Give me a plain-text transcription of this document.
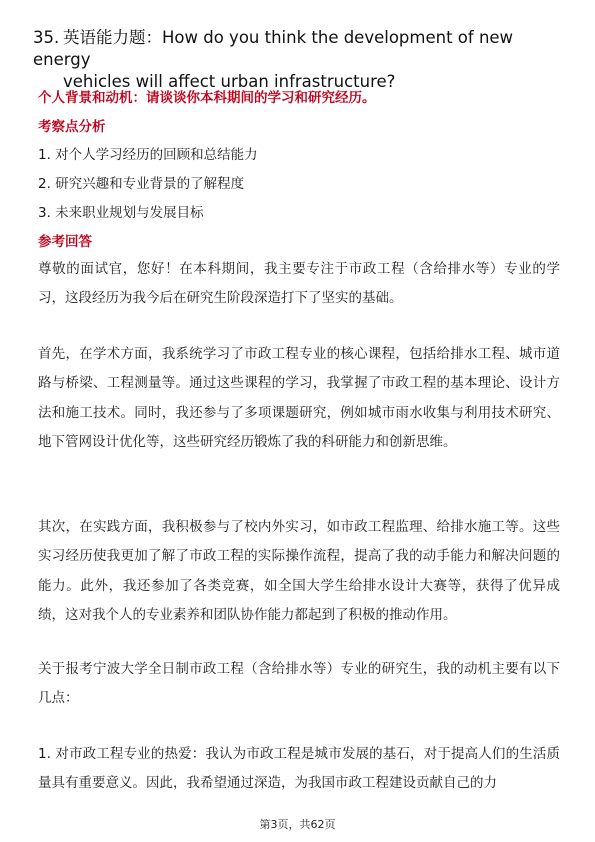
35. 英语能力题：How do you think the development of new energy
vehicles will affect urban infrastructure?
个人背景和动机：请谈谈你本科期间的学习和研究经历。
考察点分析
1. 对个人学习经历的回顾和总结能力
2. 研究兴趣和专业背景的了解程度
3. 未来职业规划与发展目标
参考回答

尊敬的面试官，您好！在本科期间，我主要专注于市政工程（含给排水等）专业的学习，这段经历为我今后在研究生阶段深造打下了坚实的基础。

首先，在学术方面，我系统学习了市政工程专业的核心课程，包括给排水工程、城市道路与桥梁、工程测量等。通过这些课程的学习，我掌握了市政工程的基本理论、设计方法和施工技术。同时，我还参与了多项课题研究，例如城市雨水收集与利用技术研究、地下管网设计优化等，这些研究经历锻炼了我的科研能力和创新思维。

其次，在实践方面，我积极参与了校内外实习，如市政工程监理、给排水施工等。这些实习经历使我更加了解了市政工程的实际操作流程，提高了我的动手能力和解决问题的能力。此外，我还参加了各类竞赛，如全国大学生给排水设计大赛等，获得了优异成绩，这对我个人的专业素养和团队协作能力都起到了积极的推动作用。

关于报考宁波大学全日制市政工程（含给排水等）专业的研究生，我的动机主要有以下几点：

1. 对市政工程专业的热爱：我认为市政工程是城市发展的基石，对于提高人们的生活质量具有重要意义。因此，我希望通过深造，为我国市政工程建设贡献自己的力

第3页，共62页
